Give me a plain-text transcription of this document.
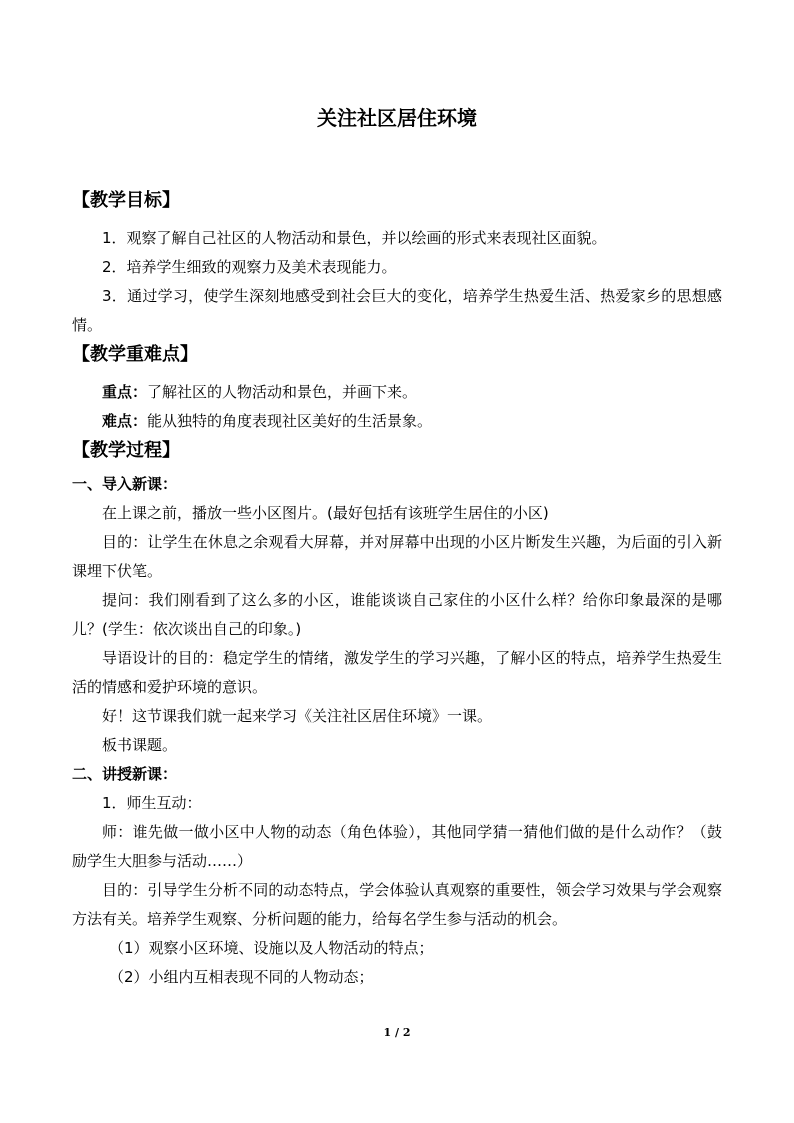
关注社区居住环境
【教学目标】

1．观察了解自己社区的人物活动和景色，并以绘画的形式来表现社区面貌。

2．培养学生细致的观察力及美术表现能力。

3．通过学习，使学生深刻地感受到社会巨大的变化，培养学生热爱生活、热爱家乡的思想感情。

【教学重难点】

重点：了解社区的人物活动和景色，并画下来。

难点：能从独特的角度表现社区美好的生活景象。

【教学过程】
一、导入新课：

在上课之前，播放一些小区图片。(最好包括有该班学生居住的小区)

目的：让学生在休息之余观看大屏幕，并对屏幕中出现的小区片断发生兴趣，为后面的引入新课埋下伏笔。

提问：我们刚看到了这么多的小区，谁能谈谈自己家住的小区什么样？给你印象最深的是哪儿？(学生：依次谈出自己的印象。)

导语设计的目的：稳定学生的情绪，激发学生的学习兴趣，了解小区的特点，培养学生热爱生活的情感和爱护环境的意识。

好！这节课我们就一起来学习《关注社区居住环境》一课。

板书课题。

二、讲授新课：

1．师生互动：

师：谁先做一做小区中人物的动态（角色体验），其他同学猜一猜他们做的是什么动作？（鼓励学生大胆参与活动……）

目的：引导学生分析不同的动态特点，学会体验认真观察的重要性，领会学习效果与学会观察方法有关。培养学生观察、分析问题的能力，给每名学生参与活动的机会。

（1）观察小区环境、设施以及人物活动的特点；

（2）小组内互相表现不同的人物动态；

1 / 2
